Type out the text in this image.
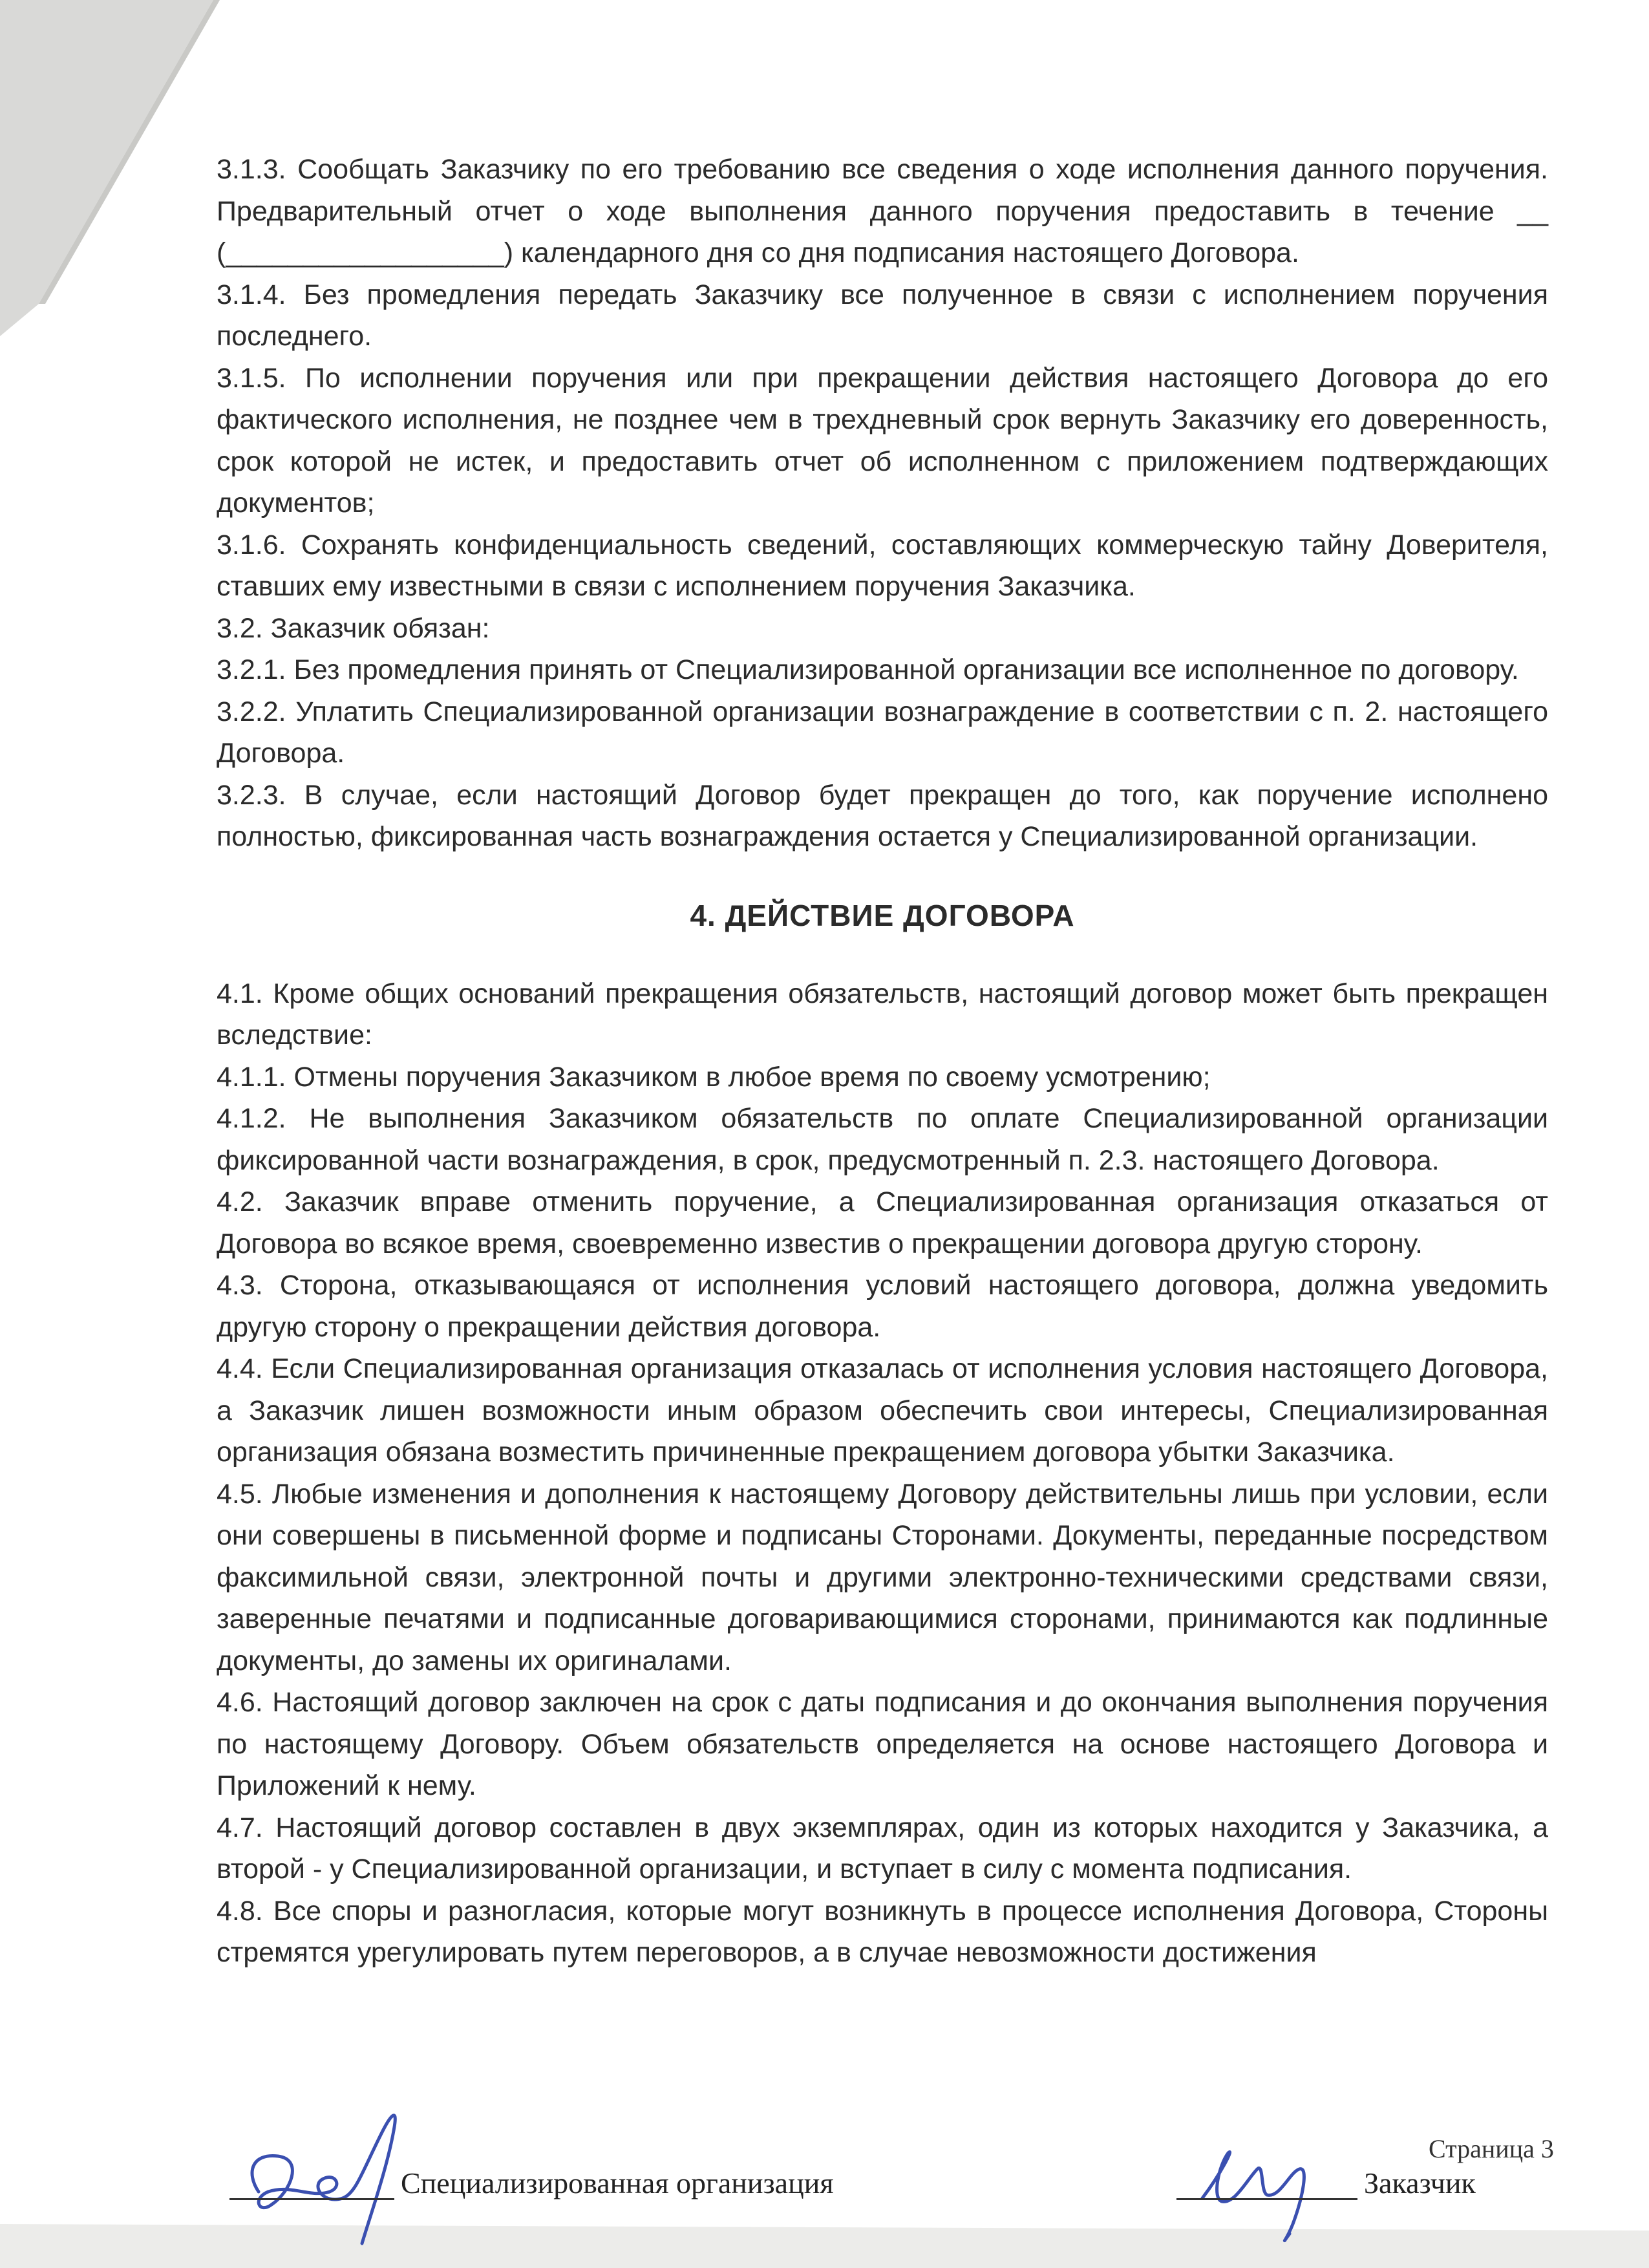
3.1.3. Сообщать Заказчику по его требованию все сведения о ходе исполнения данного поручения. Предварительный отчет о ходе выполнения данного поручения предоставить в течение __ (__________________) календарного дня со дня подписания настоящего Договора.

3.1.4. Без промедления передать Заказчику все полученное в связи с исполнением поручения последнего.

3.1.5. По исполнении поручения или при прекращении действия настоящего Договора до его фактического исполнения, не позднее чем в трехдневный срок вернуть Заказчику его доверенность, срок которой не истек, и предоставить отчет об исполненном с приложением подтверждающих документов;

3.1.6. Сохранять конфиденциальность сведений, составляющих коммерческую тайну Доверителя, ставших ему известными в связи с исполнением поручения Заказчика.

3.2. Заказчик обязан:

3.2.1. Без промедления принять от Специализированной организации все исполненное по договору.

3.2.2. Уплатить Специализированной организации вознаграждение в соответствии с п. 2. настоящего Договора.

3.2.3. В случае, если настоящий Договор будет прекращен до того, как поручение исполнено полностью, фиксированная часть вознаграждения остается у Специализированной организации.

4. ДЕЙСТВИЕ ДОГОВОРА

4.1. Кроме общих оснований прекращения обязательств, настоящий договор может быть прекращен вследствие:

4.1.1. Отмены поручения Заказчиком в любое время по своему усмотрению;

4.1.2. Не выполнения Заказчиком обязательств по оплате Специализированной организации фиксированной части вознаграждения, в срок, предусмотренный п. 2.3. настоящего Договора.

4.2. Заказчик вправе отменить поручение, а Специализированная организация отказаться от Договора во всякое время, своевременно известив о прекращении договора другую сторону.

4.3. Сторона, отказывающаяся от исполнения условий настоящего договора, должна уведомить другую сторону о прекращении действия договора.

4.4. Если Специализированная организация отказалась от исполнения условия настоящего Договора, а Заказчик лишен возможности иным образом обеспечить свои интересы, Специализированная организация обязана возместить причиненные прекращением договора убытки Заказчика.

4.5. Любые изменения и дополнения к настоящему Договору действительны лишь при условии, если они совершены в письменной форме и подписаны Сторонами. Документы, переданные посредством факсимильной связи, электронной почты и другими электронно-техническими средствами связи, заверенные печатями и подписанные договаривающимися сторонами, принимаются как подлинные документы, до замены их оригиналами.

4.6. Настоящий договор заключен на срок с даты подписания и до окончания выполнения поручения по настоящему Договору. Объем обязательств определяется на основе настоящего Договора и Приложений к нему.

4.7. Настоящий договор составлен в двух экземплярах, один из которых находится у Заказчика, а второй - у Специализированной организации, и вступает в силу с момента подписания.

4.8. Все споры и разногласия, которые могут возникнуть в процессе исполнения Договора, Стороны стремятся урегулировать путем переговоров, а в случае невозможности достижения

Страница 3
Специализированная организация	Заказчик
